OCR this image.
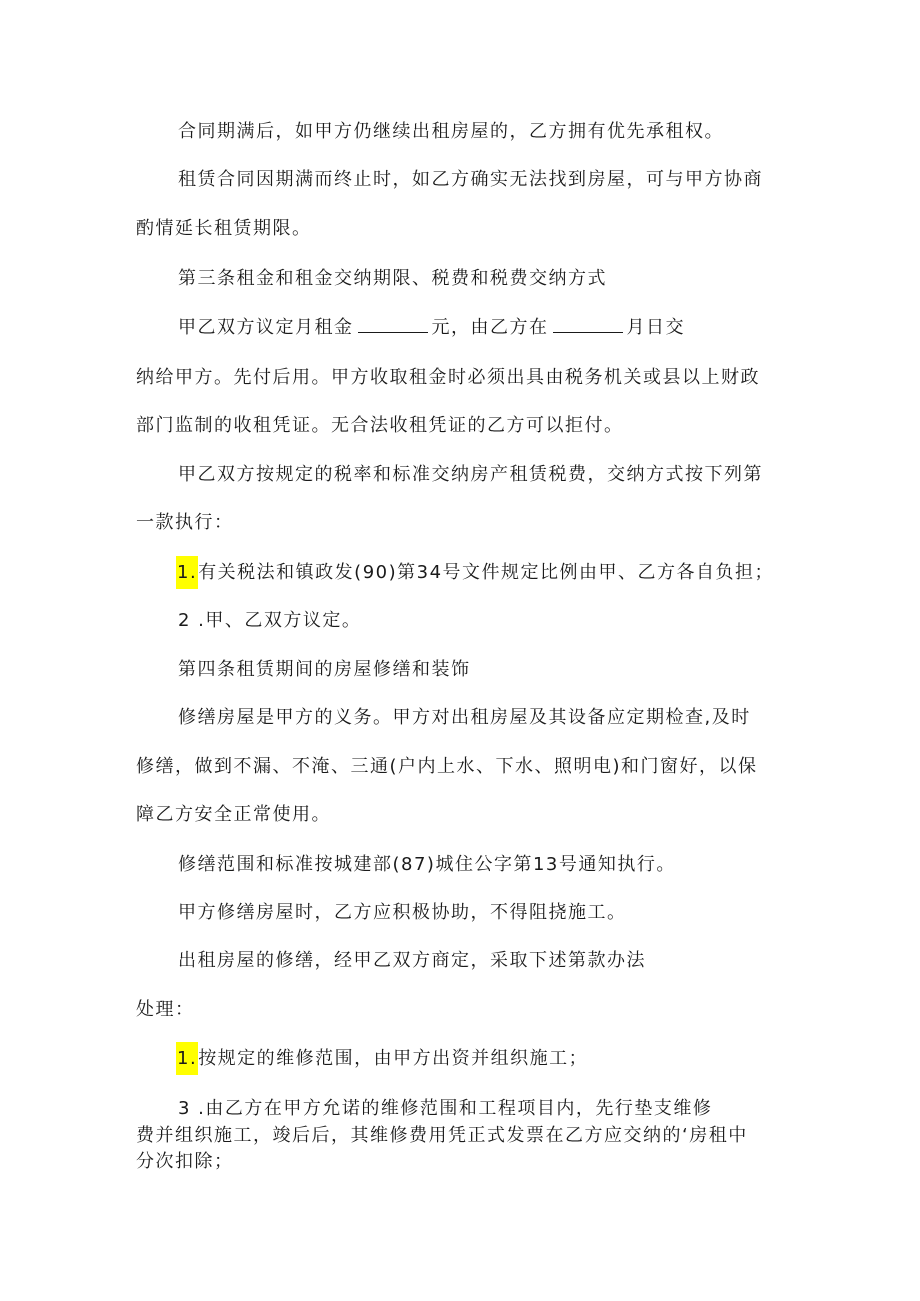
合同期满后，如甲方仍继续出租房屋的，乙方拥有优先承租权。
租赁合同因期满而终止时，如乙方确实无法找到房屋，可与甲方协商
酌情延长租赁期限。
第三条租金和租金交纳期限、税费和税费交纳方式
甲乙双方议定月租金	元，由乙方在	月日交
纳给甲方。先付后用。甲方收取租金时必须出具由税务机关或县以上财政
部门监制的收租凭证。无合法收租凭证的乙方可以拒付。
甲乙双方按规定的税率和标准交纳房产租赁税费，交纳方式按下列第
一款执行：
1.有关税法和镇政发(90)第34号文件规定比例由甲、乙方各自负担；
2 .甲、乙双方议定。
第四条租赁期间的房屋修缮和装饰
修缮房屋是甲方的义务。甲方对出租房屋及其设备应定期检查,及时
修缮，做到不漏、不淹、三通(户内上水、下水、照明电)和门窗好，以保
障乙方安全正常使用。
修缮范围和标准按城建部(87)城住公字第13号通知执行。
甲方修缮房屋时，乙方应积极协助，不得阻挠施工。
出租房屋的修缮，经甲乙双方商定，采取下述第款办法
处理：
1.按规定的维修范围，由甲方出资并组织施工；
3 .由乙方在甲方允诺的维修范围和工程项目内，先行垫支维修
费并组织施工，竣后后，其维修费用凭正式发票在乙方应交纳的‘房租中
分次扣除；
